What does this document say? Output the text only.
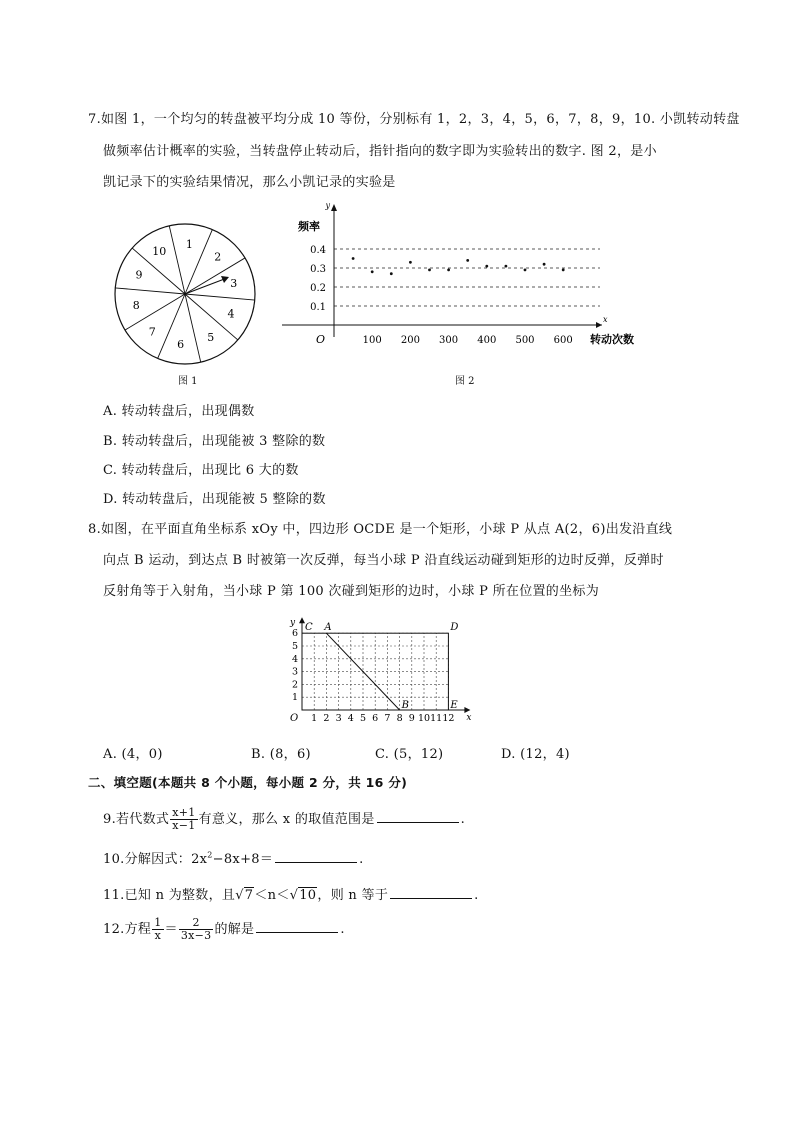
7.如图 1，一个均匀的转盘被平均分成 10 等份，分别标有 1，2，3，4，5，6，7，8，9，10. 小凯转动转盘
做频率估计概率的实验，当转盘停止转动后，指针指向的数字即为实验转出的数字. 图 2，是小
凯记录下的实验结果情况，那么小凯记录的实验是
1
2
3
4
5
6
7
8
9
10
图 1
y
x
频率
转动次数
O
0.1
0.2
0.3
0.4
100 200 300 400 500 600
图 2
A. 转动转盘后，出现偶数
B. 转动转盘后，出现能被 3 整除的数
C. 转动转盘后，出现比 6 大的数
D. 转动转盘后，出现能被 5 整除的数
8.如图，在平面直角坐标系 xOy 中，四边形 OCDE 是一个矩形，小球 P 从点 A(2，6)出发沿直线
向点 B 运动，到达点 B 时被第一次反弹，每当小球 P 沿直线运动碰到矩形的边时反弹，反弹时
反射角等于入射角，当小球 P 第 100 次碰到矩形的边时，小球 P 所在位置的坐标为
y
x
O 1 2 3 4 5 6 7 8 9 10 11 12
1
2
3
4
5
6
C A	D
B	E
A. (4，0)	B. (8，6)	C. (5，12)	D. (12，4)
二、填空题(本题共 8 个小题，每小题 2 分，共 16 分)
9.若代数式 $\frac{x+1}{x-1}$ 有意义，那么 x 的取值范围是	.
10.分解因式：$2x^2-8x+8=$	.
11.已知 n 为整数，且√7＜n＜√10，则 n 等于	.
12.方程 $\frac{1}{x} = \frac{2}{3x-3}$ 的解是	.
